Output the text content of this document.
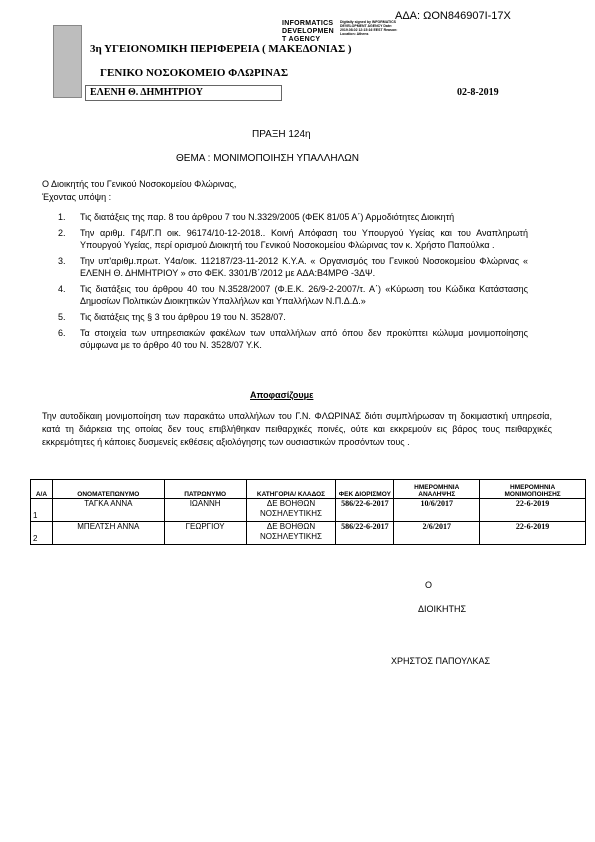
ΑΔΑ: ΩΟΝ846907Ι-17Χ
INFORMATICS
DEVELOPMEN
T AGENCY
Digitally signed by INFORMATICS DEVELOPMENT AGENCY Date: 2019.08.02 12:15:16 EEST Reason: Location: Athens
3η ΥΓΕΙΟΝΟΜΙΚΗ ΠΕΡΙΦΕΡΕΙΑ ( ΜΑΚΕΔΟΝΙΑΣ )
ΓΕΝΙΚΟ ΝΟΣΟΚΟΜΕΙΟ ΦΛΩΡΙΝΑΣ
ΕΛΕΝΗ Θ. ΔΗΜΗΤΡΙΟΥ	02-8-2019
ΠΡΑΞΗ 124η
ΘΕΜΑ : ΜΟΝΙΜΟΠΟΙΗΣΗ ΥΠΑΛΛΗΛΩΝ
Ο Διοικητής του Γενικού Νοσοκομείου Φλώρινας,
Έχοντας υπόψη :
1. Τις διατάξεις της παρ. 8 του άρθρου 7 του Ν.3329/2005 (ΦΕΚ 81/05 Α΄) Αρμοδιότητες Διοικητή
2. Την αριθμ. Γ4β/Γ.Π οικ. 96174/10-12-2018.. Κοινή Απόφαση του Υπουργού Υγείας και του Αναπληρωτή Υπουργού Υγείας, περί ορισμού Διοικητή του Γενικού Νοσοκομείου Φλώρινας τον κ. Χρήστο Παπούλκα .
3. Την υπ'αριθμ.πρωτ. Υ4α/οικ. 112187/23-11-2012 Κ.Υ.Α. « Οργανισμός του Γενικού Νοσοκομείου Φλώρινας « ΕΛΕΝΗ Θ. ΔΗΜΗΤΡΙΟΥ » στο ΦΕΚ. 3301/Β΄/2012 με ΑΔΑ:Β4ΜΡΘ -3ΔΨ.
4. Τις διατάξεις του άρθρου 40 του Ν.3528/2007 (Φ.Ε.Κ. 26/9-2-2007/τ. Α΄) «Κύρωση του Κώδικα Κατάστασης Δημοσίων Πολιτικών Διοικητικών Υπαλλήλων και Υπαλλήλων Ν.Π.Δ.Δ.»
5. Τις διατάξεις της § 3 του άρθρου 19 του Ν. 3528/07.
6. Τα στοιχεία των υπηρεσιακών φακέλων των υπαλλήλων από όπου δεν προκύπτει κώλυμα μονιμοποίησης σύμφωνα με το άρθρο 40 του Ν. 3528/07 Υ.Κ.
Αποφασίζουμε
Την αυτοδίκαιη μονιμοποίηση των παρακάτω υπαλλήλων του Γ.Ν. ΦΛΩΡΙΝΑΣ διότι συμπλήρωσαν τη δοκιμαστική υπηρεσία, κατά τη διάρκεια της οποίας δεν τους επιβλήθηκαν πειθαρχικές ποινές, ούτε και εκκρεμούν εις βάρος τους πειθαρχικές εκκρεμότητες ή κάποιες δυσμενείς εκθέσεις αξιολόγησης των ουσιαστικών προσόντων τους .
Α/Α	ΟΝΟΜΑΤΕΠΩΝΥΜΟ	ΠΑΤΡΩΝΥΜΟ	ΚΑΤΗΓΟΡΙΑ/ ΚΛΑΔΟΣ	ΦΕΚ ΔΙΟΡΙΣΜΟΥ	ΗΜΕΡΟΜΗΝΙΑ ΑΝΑΛΗΨΗΣ	ΗΜΕΡΟΜΗΝΙΑ ΜΟΝΙΜΟΠΟΙΗΣΗΣ
1	ΤΑΓΚΑ ΑΝΝΑ	ΙΩΑΝΝΗ	ΔΕ ΒΟΗΘΩΝ ΝΟΣΗΛΕΥΤΙΚΗΣ	586/22-6-2017	10/6/2017	22-6-2019
2	ΜΠΕΛΤΣΗ ΑΝΝΑ	ΓΕΩΡΓΙΟΥ	ΔΕ ΒΟΗΘΩΝ ΝΟΣΗΛΕΥΤΙΚΗΣ	586/22-6-2017	2/6/2017	22-6-2019
Ο
ΔΙΟΙΚΗΤΗΣ
ΧΡΗΣΤΟΣ ΠΑΠΟΥΛΚΑΣ
